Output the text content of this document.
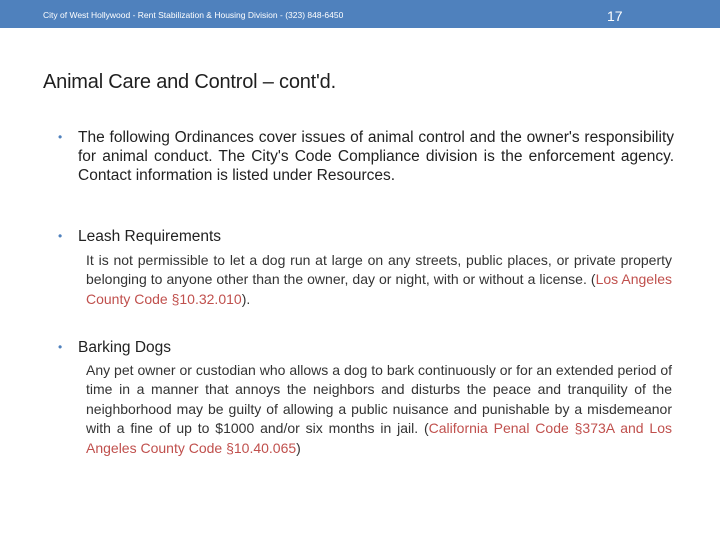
City of West Hollywood - Rent Stabilization & Housing Division - (323) 848-6450	17
Animal Care and Control – cont'd.
•	The following Ordinances cover issues of animal control and the owner's responsibility for animal conduct. The City's Code Compliance division is the enforcement agency. Contact information is listed under Resources.
•	Leash Requirements
It is not permissible to let a dog run at large on any streets, public places, or private property belonging to anyone other than the owner, day or night, with or without a license. (Los Angeles County Code §10.32.010).
•	Barking Dogs
Any pet owner or custodian who allows a dog to bark continuously or for an extended period of time in a manner that annoys the neighbors and disturbs the peace and tranquility of the neighborhood may be guilty of allowing a public nuisance and punishable by a misdemeanor with a fine of up to $1000 and/or six months in jail. (California Penal Code §373A and Los Angeles County Code §10.40.065)
